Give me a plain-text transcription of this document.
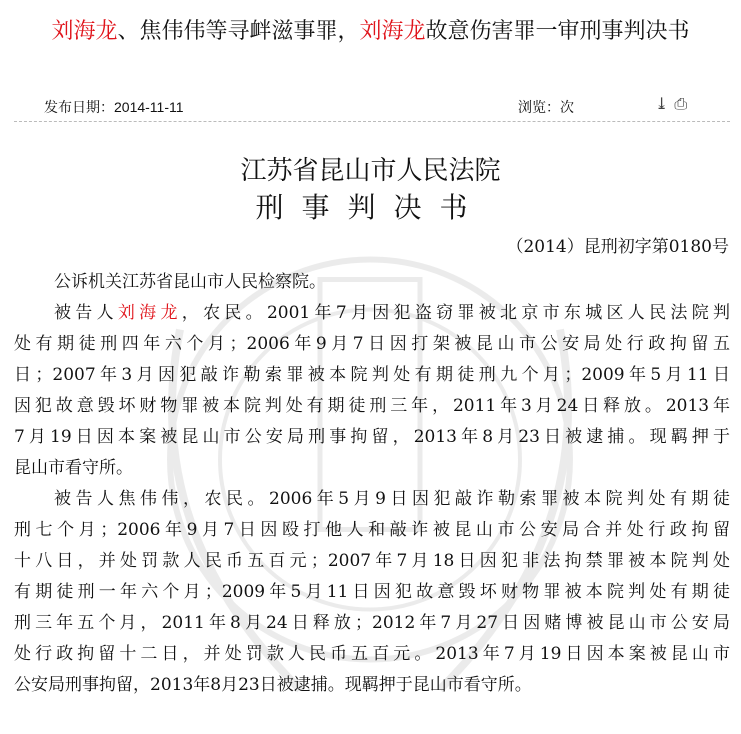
刘海龙、焦伟伟等寻衅滋事罪，刘海龙故意伤害罪一审刑事判决书
发布日期：2014-11-11	浏览：次	⤓ ⎙
江苏省昆山市人民法院
刑事判决书
（2014）昆刑初字第0180号
公诉机关江苏省昆山市人民检察院。
被告人刘海龙，农民。2001年7月因犯盗窃罪被北京市东城区人民法院判
处有期徒刑四年六个月；2006年9月7日因打架被昆山市公安局处行政拘留五
日；2007年3月因犯敲诈勒索罪被本院判处有期徒刑九个月；2009年5月11日
因犯故意毁坏财物罪被本院判处有期徒刑三年，2011年3月24日释放。2013年
7月19日因本案被昆山市公安局刑事拘留，2013年8月23日被逮捕。现羁押于
昆山市看守所。
被告人焦伟伟，农民。2006年5月9日因犯敲诈勒索罪被本院判处有期徒
刑七个月；2006年9月7日因殴打他人和敲诈被昆山市公安局合并处行政拘留
十八日，并处罚款人民币五百元；2007年7月18日因犯非法拘禁罪被本院判处
有期徒刑一年六个月；2009年5月11日因犯故意毁坏财物罪被本院判处有期徒
刑三年五个月，2011年8月24日释放；2012年7月27日因赌博被昆山市公安局
处行政拘留十二日，并处罚款人民币五百元。2013年7月19日因本案被昆山市
公安局刑事拘留，2013年8月23日被逮捕。现羁押于昆山市看守所。
